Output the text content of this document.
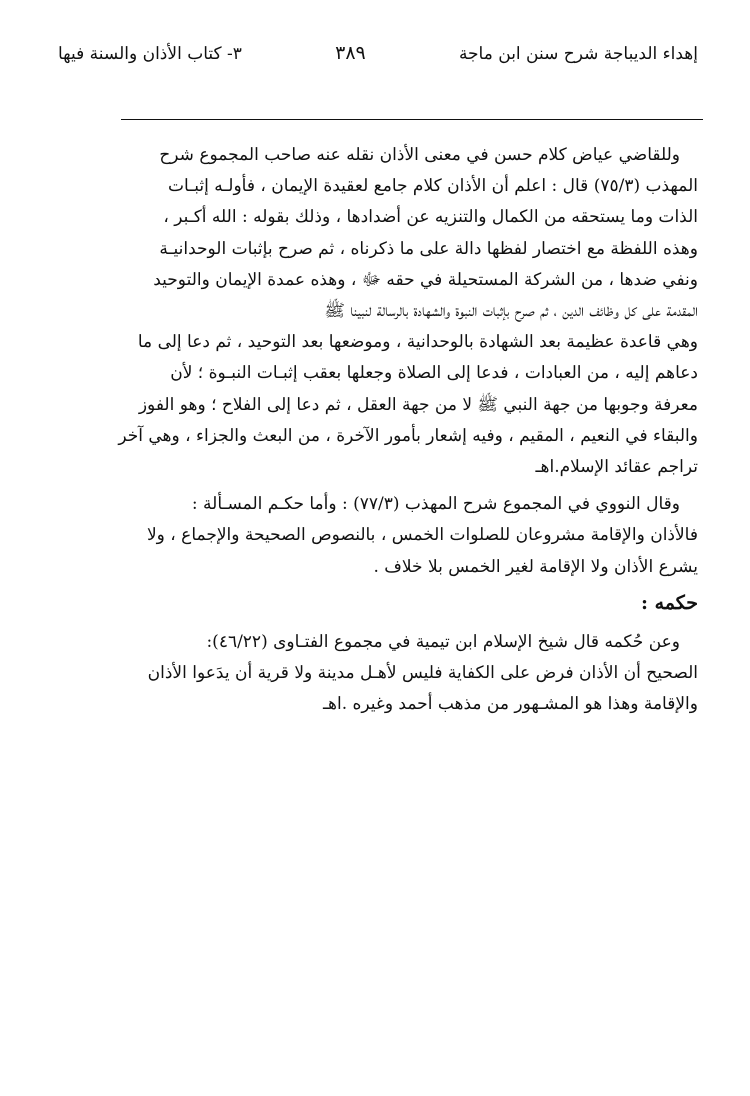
إهداء الديباجة شرح سنن ابن ماجة
٣٨٩
٣- كتاب الأذان والسنة فيها
وللقاضي عياض كلام حسن في معنى الأذان نقله عنه صاحب المجموع شرح
المهذب (٧٥/٣) قال : اعلم أن الأذان كلام جامع لعقيدة الإيمان ، فأولـه إثبـات
الذات وما يستحقه من الكمال والتنزيه عن أضدادها ، وذلك بقوله : الله أكـبر ،
وهذه اللفظة مع اختصار لفظها دالة على ما ذكرناه ، ثم صرح بإثبات الوحدانيـة
ونفي ضدها ، من الشركة المستحيلة في حقه ﷻ ، وهذه عمدة الإيمان والتوحيد
المقدمة على كل وظائف الدين ، ثم صرح بإثبات النبوة والشهادة بالرسالة لنبينا ﷺ
وهي قاعدة عظيمة بعد الشهادة بالوحدانية ، وموضعها بعد التوحيد ، ثم دعا إلى ما
دعاهم إليه ، من العبادات ، فدعا إلى الصلاة وجعلها بعقب إثبـات النبـوة ؛ لأن
معرفة وجوبها من جهة النبي ﷺ لا من جهة العقل ، ثم دعا إلى الفلاح ؛ وهو الفوز
والبقاء في النعيم ، المقيم ، وفيه إشعار بأمور الآخرة ، من البعث والجزاء ، وهي آخر
تراجم عقائد الإسلام.اهـ
وقال النووي في المجموع شرح المهذب (٧٧/٣) : وأما حكـم المسـألة :
فالأذان والإقامة مشروعان للصلوات الخمس ، بالنصوص الصحيحة والإجماع ، ولا
يشرع الأذان ولا الإقامة لغير الخمس بلا خلاف .
حكمه :
وعن حُكمه قال شيخ الإسلام ابن تيمية في مجموع الفتـاوى (٤٦/٢٢):
الصحيح أن الأذان فرض على الكفاية فليس لأهـل مدينة ولا قرية أن يدَعوا الأذان
والإقامة وهذا هو المشـهور من مذهب أحمد وغيره .اهـ
